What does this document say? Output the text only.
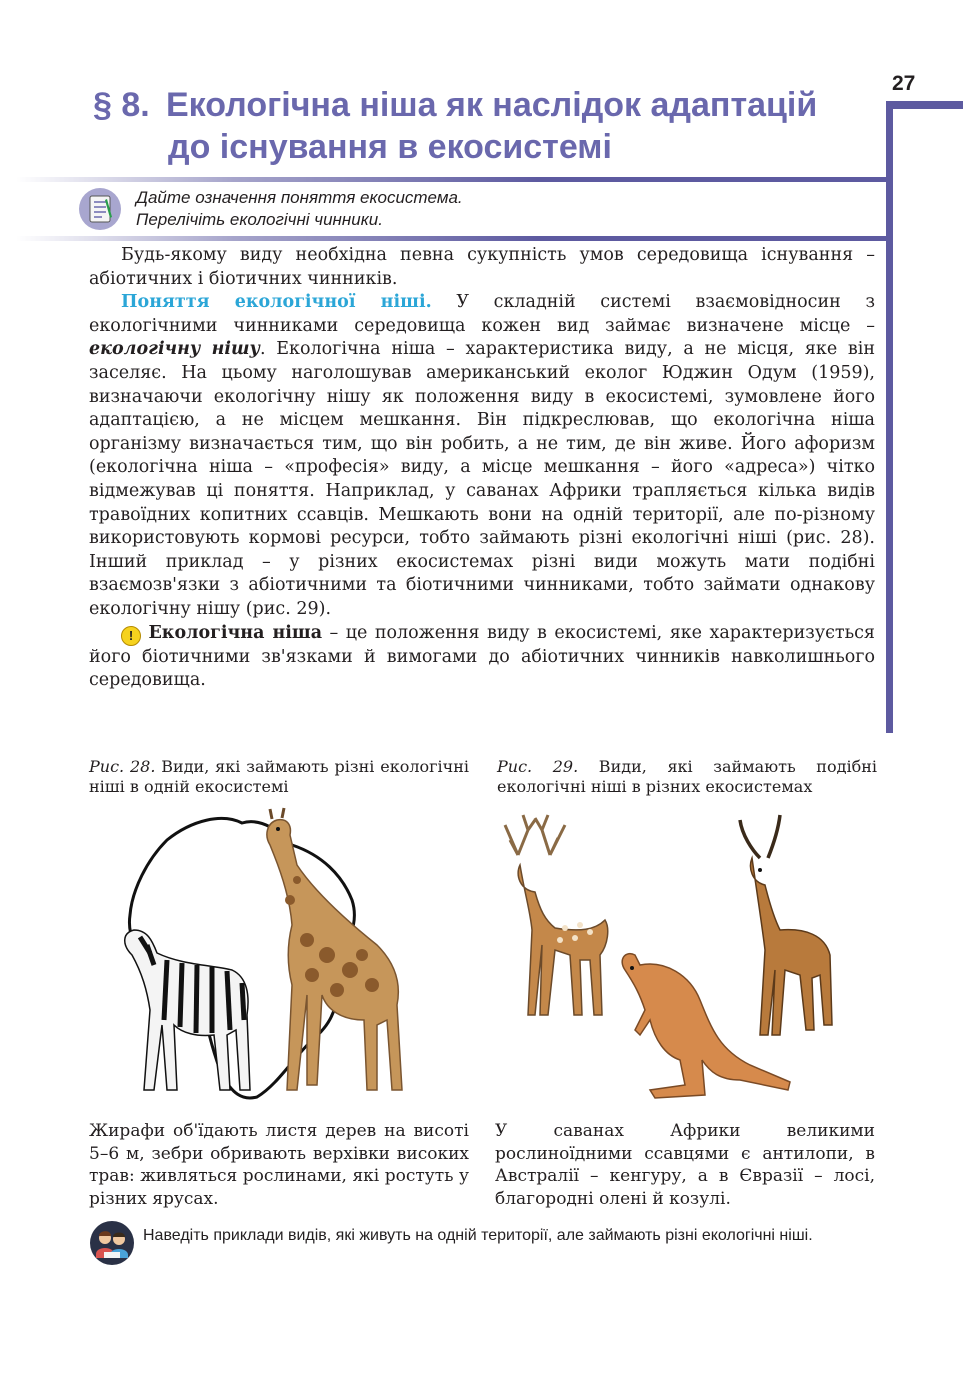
27
§ 8. Екологічна ніша як наслідок адаптацій
до існування в екосистемі
Дайте означення поняття екосистема.
Перелічіть екологічні чинники.

Будь-якому виду необхідна певна сукупність умов середовища існування – абіотичних і біотичних чинників.

Поняття екологічної ніші. У складній системі взаємовідносин з екологічними чинниками середовища кожен вид займає визначене місце – екологічну нішу. Екологічна ніша – характеристика виду, а не місця, яке він заселяє. На цьому наголошував американський еколог Юджин Одум (1959), визначаючи екологічну нішу як положення виду в екосистемі, зумовлене його адаптацією, а не місцем мешкання. Він підкреслював, що екологічна ніша організму визначається тим, що він робить, а не тим, де він живе. Його афоризм (екологічна ніша – «професія» виду, а місце мешкання – його «адреса») чітко відмежував ці поняття. Наприклад, у саванах Африки трапляється кілька видів травоїдних копитних ссавців. Мешкають вони на одній території, але по-різному використовують кормові ресурси, тобто займають різні екологічні ніші (рис. 28). Інший приклад – у різних екосистемах різні види можуть мати подібні взаємозв'язки з абіотичними та біотичними чинниками, тобто займати однакову екологічну нішу (рис. 29).

! Екологічна ніша – це положення виду в екосистемі, яке характеризується його біотичними зв'язками й вимогами до абіотичних чинників навколишнього середовища.

Рис. 28. Види, які займають різні екологічні ніші в одній екосистемі
Рис. 29. Види, які займають подібні екологічні ніші в різних екосистемах
Жирафи об'їдають листя дерев на висоті 5–6 м, зебри обривають верхівки високих трав: живляться рослинами, які ростуть у різних ярусах.
У саванах Африки великими рослиноїдними ссавцями є антилопи, в Австралії – кенгуру, а в Євразії – лосі, благородні олені й козулі.
Наведіть приклади видів, які живуть на одній території, але займають різні екологічні ніші.
